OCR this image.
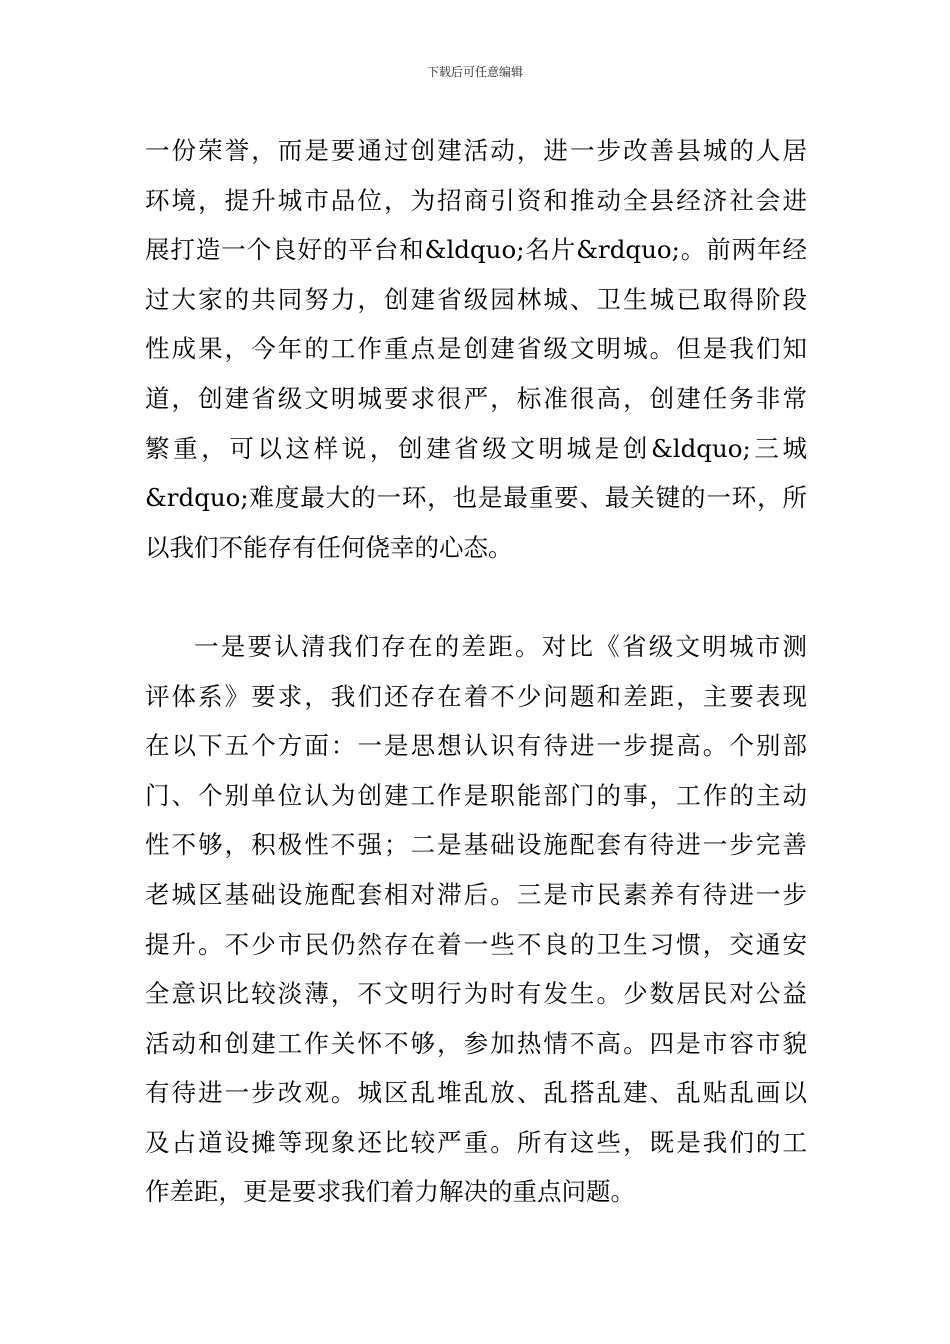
下载后可任意编辑
一份荣誉，而是要通过创建活动，进一步改善县城的人居
环境，提升城市品位，为招商引资和推动全县经济社会进
展打造一个良好的平台和&ldquo;名片&rdquo;。前两年经
过大家的共同努力，创建省级园林城、卫生城已取得阶段
性成果，今年的工作重点是创建省级文明城。但是我们知
道，创建省级文明城要求很严，标准很高，创建任务非常
繁重，可以这样说，创建省级文明城是创&ldquo;三城
&rdquo;难度最大的一环，也是最重要、最关键的一环，所
以我们不能存有任何侥幸的心态。
一是要认清我们存在的差距。对比《省级文明城市测
评体系》要求，我们还存在着不少问题和差距，主要表现
在以下五个方面：一是思想认识有待进一步提高。个别部
门、个别单位认为创建工作是职能部门的事，工作的主动
性不够，积极性不强；二是基础设施配套有待进一步完善
老城区基础设施配套相对滞后。三是市民素养有待进一步
提升。不少市民仍然存在着一些不良的卫生习惯，交通安
全意识比较淡薄，不文明行为时有发生。少数居民对公益
活动和创建工作关怀不够，参加热情不高。四是市容市貌
有待进一步改观。城区乱堆乱放、乱搭乱建、乱贴乱画以
及占道设摊等现象还比较严重。所有这些，既是我们的工
作差距，更是要求我们着力解决的重点问题。
